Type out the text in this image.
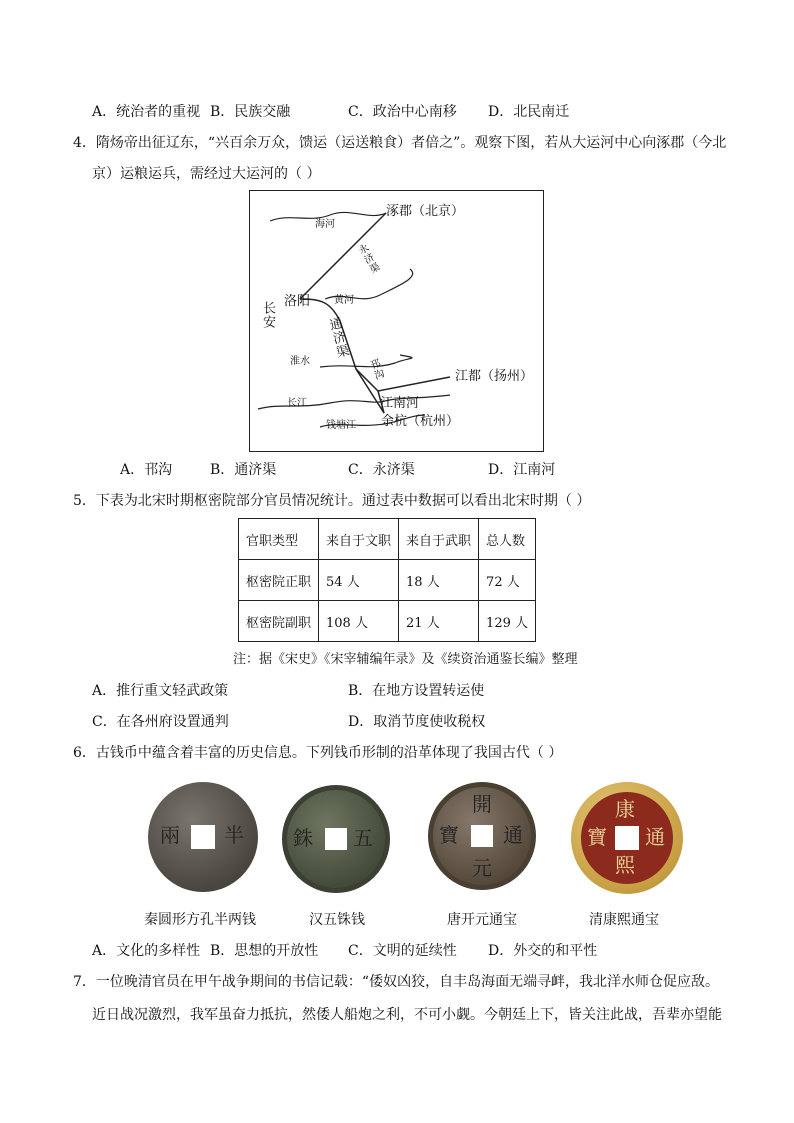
A．统治者的重视 B．民族交融	C．政治中心南移 D．北民南迁
4．隋炀帝出征辽东，“兴百余万众，馈运（运送粮食）者倍之”。观察下图，若从大运河中心向涿郡（今北
京）运粮运兵，需经过大运河的（ ）
涿郡（北京）
海河
永济渠
洛阳 黄河
长安
通济渠
淮水	邗沟	江都（扬州）
长江	江南河
钱塘江 余杭（杭州）
A．邗沟	B．通济渠	C．永济渠	D．江南河
5．下表为北宋时期枢密院部分官员情况统计。通过表中数据可以看出北宋时期（ ）
官职类型	来自于文职	来自于武职	总人数
枢密院正职	54 人	18 人	72 人
枢密院副职	108 人	21 人	129 人
注：据《宋史》《宋宰辅编年录》及《续资治通鉴长编》整理
A．推行重文轻武政策	B．在地方设置转运使
C．在各州府设置通判	D．取消节度使收税权
6．古钱币中蕴含着丰富的历史信息。下列钱币形制的沿革体现了我国古代（ ）
兩 半 銖 五
開
元
寶 通
康
熙
寶 通
秦圆形方孔半两钱	汉五铢钱	唐开元通宝	清康熙通宝
A．文化的多样性 B．思想的开放性 C．文明的延续性 D．外交的和平性
7．一位晚清官员在甲午战争期间的书信记载：“倭奴凶狡，自丰岛海面无端寻衅，我北洋水师仓促应敌。
近日战况激烈，我军虽奋力抵抗，然倭人船炮之利，不可小觑。今朝廷上下，皆关注此战，吾辈亦望能
